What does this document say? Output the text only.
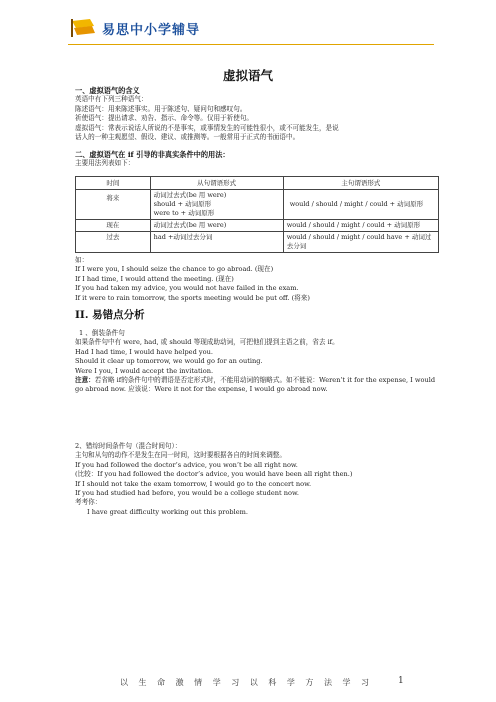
易思中小学辅导
虚拟语气
一、虚拟语气的含义
英语中有下列三种语气：
陈述语气：用来陈述事实。用于陈述句、疑问句和感叹句。
祈使语气：提出请求、劝告、指示、命令等。仅用于祈使句。
虚拟语气：常表示说话人所说的不是事实，或事情发生的可能性很小，或不可能发生，是说
话人的一种主观愿望、假设、建议、或推测等。一般常用于正式的书面语中。
二、虚拟语气在 if 引导的非真实条件中的用法：
主要用法列表如下：
时间	从句谓语形式	主句谓语形式
将来	动词过去式(be 用 were)
should + 动词原形
were to + 动词原形	would / should / might / could + 动词原形
现在	动词过去式(be 用 were)	would / should / might / could + 动词原形
过去	had +动词过去分词	would / should / might / could have + 动词过去分词
如：
If I were you, I should seize the chance to go abroad. (现在)
If I had time, I would attend the meeting. (现在)
If you had taken my advice, you would not have failed in the exam.
If it were to rain tomorrow, the sports meeting would be put off. (将来)
II. 易错点分析
1 、倒装条件句
如果条件句中有 were, had, 或 should 等现成助动词，可把他们提到主语之前，省去 if。
Had I had time, I would have helped you.
Should it clear up tomorrow, we would go for an outing.
Were I you, I would accept the invitation.
注意：若省略 if的条件句中的谓语是否定形式时，不能用动词的缩略式。如不能说：Weren’t it for the expense, I would go abroad now. 应该说：Were it not for the expense, I would go abroad now.
2、错综时间条件句（混合时间句）：
主句和从句的动作不是发生在同一时间，这时要根据各自的时间来调整。
If you had followed the doctor’s advice, you won’t be all right now.
(比较：If you had followed the doctor’s advice, you would have been all right then.)
If I should not take the exam tomorrow, I would go to the concert now.
If you had studied had before, you would be a college student now.
考考你：
I have great difficulty working out this problem.
以 生 命 激 情 学 习 以 科 学 方 法 学 习	1
